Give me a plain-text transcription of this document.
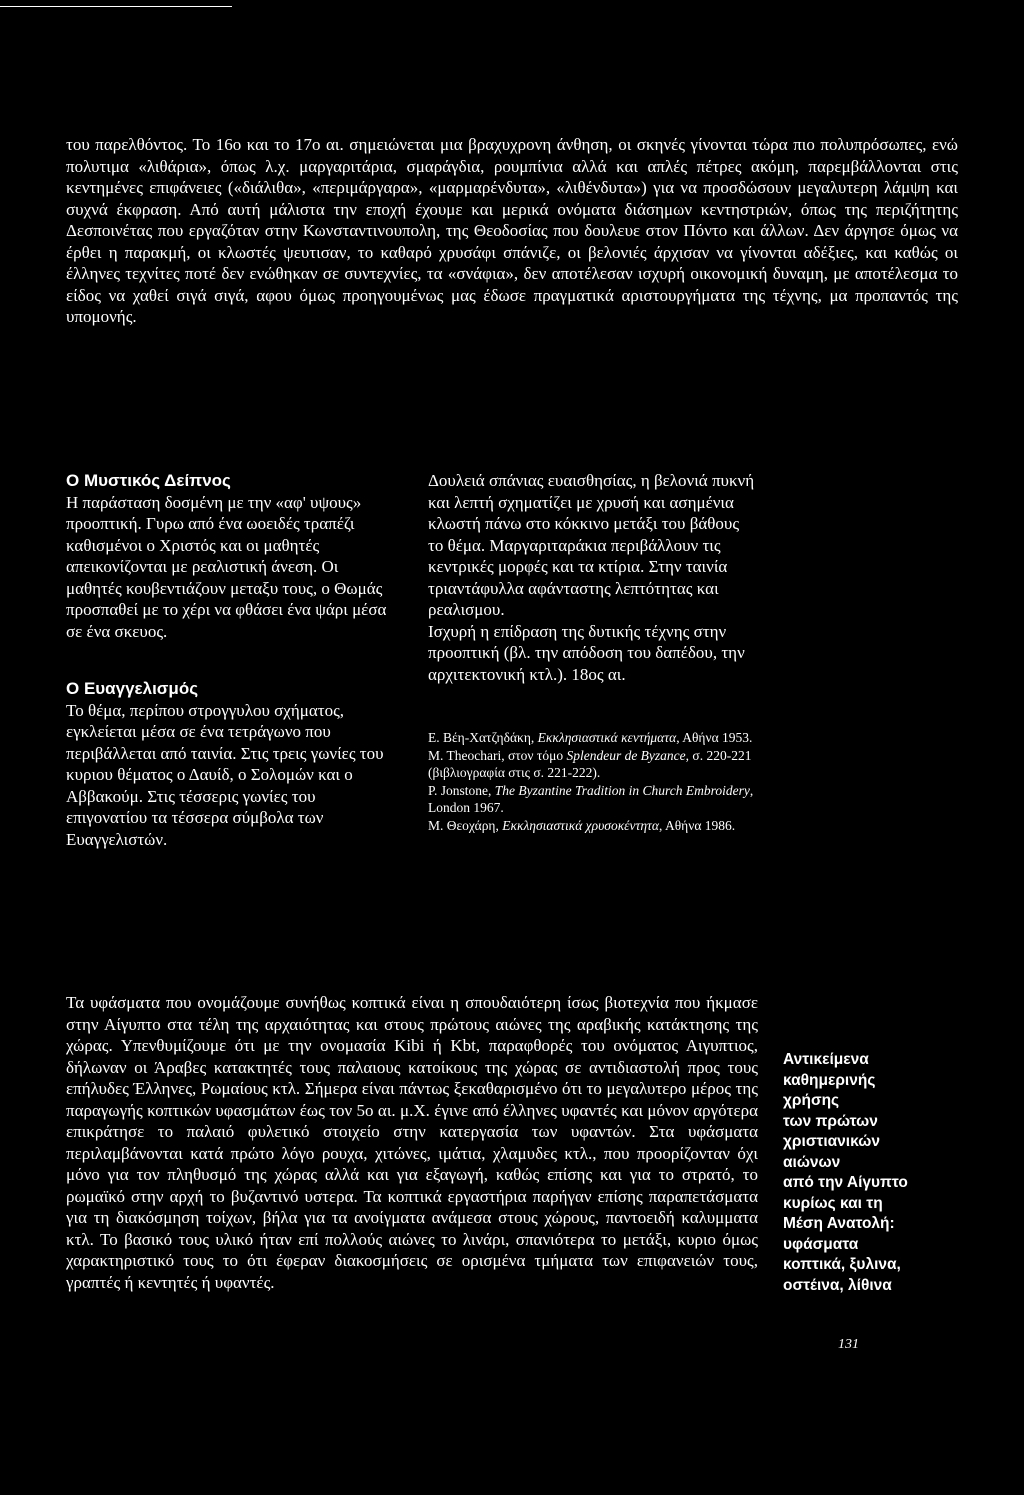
του παρελθόντος. Το 16ο και το 17ο αι. σημειώνεται μια βραχυχρονη άνθηση, οι σκηνές γίνονται τώρα πιο πολυπρόσωπες, ενώ πολυτιμα «λιθάρια», όπως λ.χ. μαργαριτάρια, σμαράγδια, ρουμπίνια αλλά και απλές πέτρες ακόμη, παρεμβάλλονται στις κεντημένες επιφάνειες («διάλιθα», «περιμάργαρα», «μαρμαρένδυτα», «λιθένδυτα») για να προσδώσουν μεγαλυτερη λάμψη και συχνά έκφραση. Από αυτή μάλιστα την εποχή έχουμε και μερικά ονόματα διάσημων κεντηστριών, όπως της περιζήτητης Δεσποινέτας που εργαζόταν στην Κωνσταντινουπολη, της Θεοδοσίας που δουλευε στον Πόντο και άλλων. Δεν άργησε όμως να έρθει η παρακμή, οι κλωστές ψευτισαν, το καθαρό χρυσάφι σπάνιζε, οι βελονιές άρχισαν να γίνονται αδέξιες, και καθώς οι έλληνες τεχνίτες ποτέ δεν ενώθηκαν σε συντεχνίες, τα «σνάφια», δεν αποτέλεσαν ισχυρή οικονομική δυναμη, με αποτέλεσμα το είδος να χαθεί σιγά σιγά, αφου όμως προηγουμένως μας έδωσε πραγματικά αριστουργήματα της τέχνης, μα προπαντός της υπομονής.

Ο Μυστικός Δείπνος

Η παράσταση δοσμένη με την «αφ' υψους» προοπτική. Γυρω από ένα ωοειδές τραπέζι καθισμένοι ο Χριστός και οι μαθητές απεικονίζονται με ρεαλιστική άνεση. Οι μαθητές κουβεντιάζουν μεταξυ τους, ο Θωμάς προσπαθεί με το χέρι να φθάσει ένα ψάρι μέσα σε ένα σκευος.

Ο Ευαγγελισμός

Το θέμα, περίπου στρογγυλου σχήματος, εγκλείεται μέσα σε ένα τετράγωνο που περιβάλλεται από ταινία. Στις τρεις γωνίες του κυριου θέματος ο Δαυίδ, ο Σολομών και ο Αββακούμ. Στις τέσσερις γωνίες του επιγονατίου τα τέσσερα σύμβολα των Ευαγγελιστών.

Δουλειά σπάνιας ευαισθησίας, η βελονιά πυκνή και λεπτή σχηματίζει με χρυσή και ασημένια κλωστή πάνω στο κόκκινο μετάξι του βάθους το θέμα. Μαργαριταράκια περιβάλλουν τις κεντρικές μορφές και τα κτίρια. Στην ταινία τριαντάφυλλα αφάνταστης λεπτότητας και ρεαλισμου.

Ισχυρή η επίδραση της δυτικής τέχνης στην προοπτική (βλ. την απόδοση του δαπέδου, την αρχιτεκτονική κτλ.). 18ος αι.

Ε. Βέη-Χατζηδάκη, Εκκλησιαστικά κεντήματα, Αθήνα 1953.

M. Theochari, στον τόμο Splendeur de Byzance, σ. 220-221 (βιβλιογραφία στις σ. 221-222).

P. Jonstone, The Byzantine Tradition in Church Embroidery, London 1967.

Μ. Θεοχάρη, Εκκλησιαστικά χρυσοκέντητα, Αθήνα 1986.

Τα υφάσματα που ονομάζουμε συνήθως κοπτικά είναι η σπουδαιότερη ίσως βιοτεχνία που ήκμασε στην Αίγυπτο στα τέλη της αρχαιότητας και στους πρώτους αιώνες της αραβικής κατάκτησης της χώρας. Υπενθυμίζουμε ότι με την ονομασία Kibi ή Kbt, παραφθορές του ονόματος Αιγυπτιος, δήλωναν οι Άραβες κατακτητές τους παλαιους κατοίκους της χώρας σε αντιδιαστολή προς τους επήλυδες Έλληνες, Ρωμαίους κτλ. Σήμερα είναι πάντως ξεκαθαρισμένο ότι το μεγαλυτερο μέρος της παραγωγής κοπτικών υφασμάτων έως τον 5ο αι. μ.Χ. έγινε από έλληνες υφαντές και μόνον αργότερα επικράτησε το παλαιό φυλετικό στοιχείο στην κατεργασία των υφαντών. Στα υφάσματα περιλαμβάνονται κατά πρώτο λόγο ρουχα, χιτώνες, ιμάτια, χλαμυδες κτλ., που προορίζονταν όχι μόνο για τον πληθυσμό της χώρας αλλά και για εξαγωγή, καθώς επίσης και για το στρατό, το ρωμαϊκό στην αρχή το βυζαντινό υστερα. Τα κοπτικά εργαστήρια παρήγαν επίσης παραπετάσματα για τη διακόσμηση τοίχων, βήλα για τα ανοίγματα ανάμεσα στους χώρους, παντοειδή καλυμματα κτλ. Το βασικό τους υλικό ήταν επί πολλούς αιώνες το λινάρι, σπανιότερα το μετάξι, κυριο όμως χαρακτηριστικό τους το ότι έφεραν διακοσμήσεις σε ορισμένα τμήματα των επιφανειών τους, γραπτές ή κεντητές ή υφαντές.

Αντικείμενα
καθημερινής
χρήσης
των πρώτων
χριστιανικών
αιώνων
από την Αίγυπτο
κυρίως και τη
Μέση Ανατολή:
υφάσματα
κοπτικά, ξυλινα,
οστέινα, λίθινα
131
